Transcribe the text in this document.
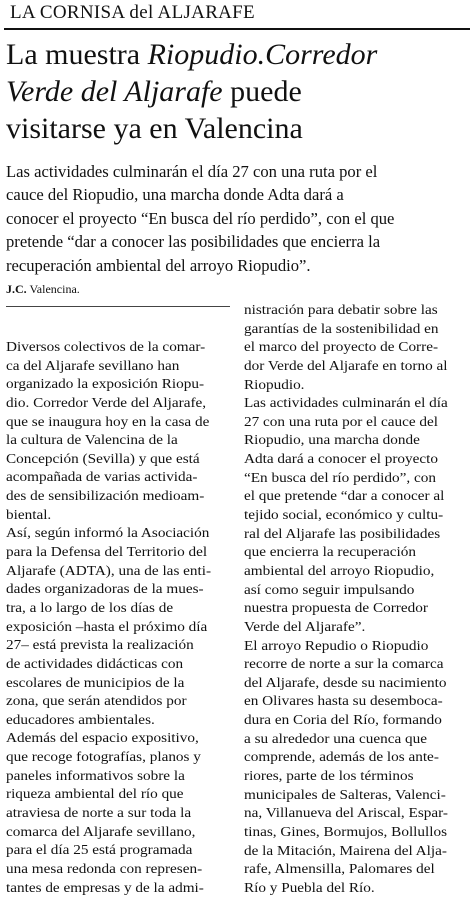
LA CORNISA del ALJARAFE
La muestra Riopudio.Corredor
Verde del Aljarafe puede
visitarse ya en Valencina
Las actividades culminarán el día 27 con una ruta por el
cauce del Riopudio, una marcha donde Adta dará a
conocer el proyecto “En busca del río perdido”, con el que
pretende “dar a conocer las posibilidades que encierra la
recuperación ambiental del arroyo Riopudio”.
J.C. Valencina.
Diversos colectivos de la comar-
ca del Aljarafe sevillano han
organizado la exposición Riopu-
dio. Corredor Verde del Aljarafe,
que se inaugura hoy en la casa de
la cultura de Valencina de la
Concepción (Sevilla) y que está
acompañada de varias activida-
des de sensibilización medioam-
biental.
Así, según informó la Asociación
para la Defensa del Territorio del
Aljarafe (ADTA), una de las enti-
dades organizadoras de la mues-
tra, a lo largo de los días de
exposición –hasta el próximo día
27– está prevista la realización
de actividades didácticas con
escolares de municipios de la
zona, que serán atendidos por
educadores ambientales.
Además del espacio expositivo,
que recoge fotografías, planos y
paneles informativos sobre la
riqueza ambiental del río que
atraviesa de norte a sur toda la
comarca del Aljarafe sevillano,
para el día 25 está programada
una mesa redonda con represen-
tantes de empresas y de la admi-
nistración para debatir sobre las
garantías de la sostenibilidad en
el marco del proyecto de Corre-
dor Verde del Aljarafe en torno al
Riopudio.
Las actividades culminarán el día
27 con una ruta por el cauce del
Riopudio, una marcha donde
Adta dará a conocer el proyecto
“En busca del río perdido”, con
el que pretende “dar a conocer al
tejido social, económico y cultu-
ral del Aljarafe las posibilidades
que encierra la recuperación
ambiental del arroyo Riopudio,
así como seguir impulsando
nuestra propuesta de Corredor
Verde del Aljarafe”.
El arroyo Repudio o Riopudio
recorre de norte a sur la comarca
del Aljarafe, desde su nacimiento
en Olivares hasta su desemboca-
dura en Coria del Río, formando
a su alrededor una cuenca que
comprende, además de los ante-
riores, parte de los términos
municipales de Salteras, Valenci-
na, Villanueva del Ariscal, Espar-
tinas, Gines, Bormujos, Bollullos
de la Mitación, Mairena del Alja-
rafe, Almensilla, Palomares del
Río y Puebla del Río.
